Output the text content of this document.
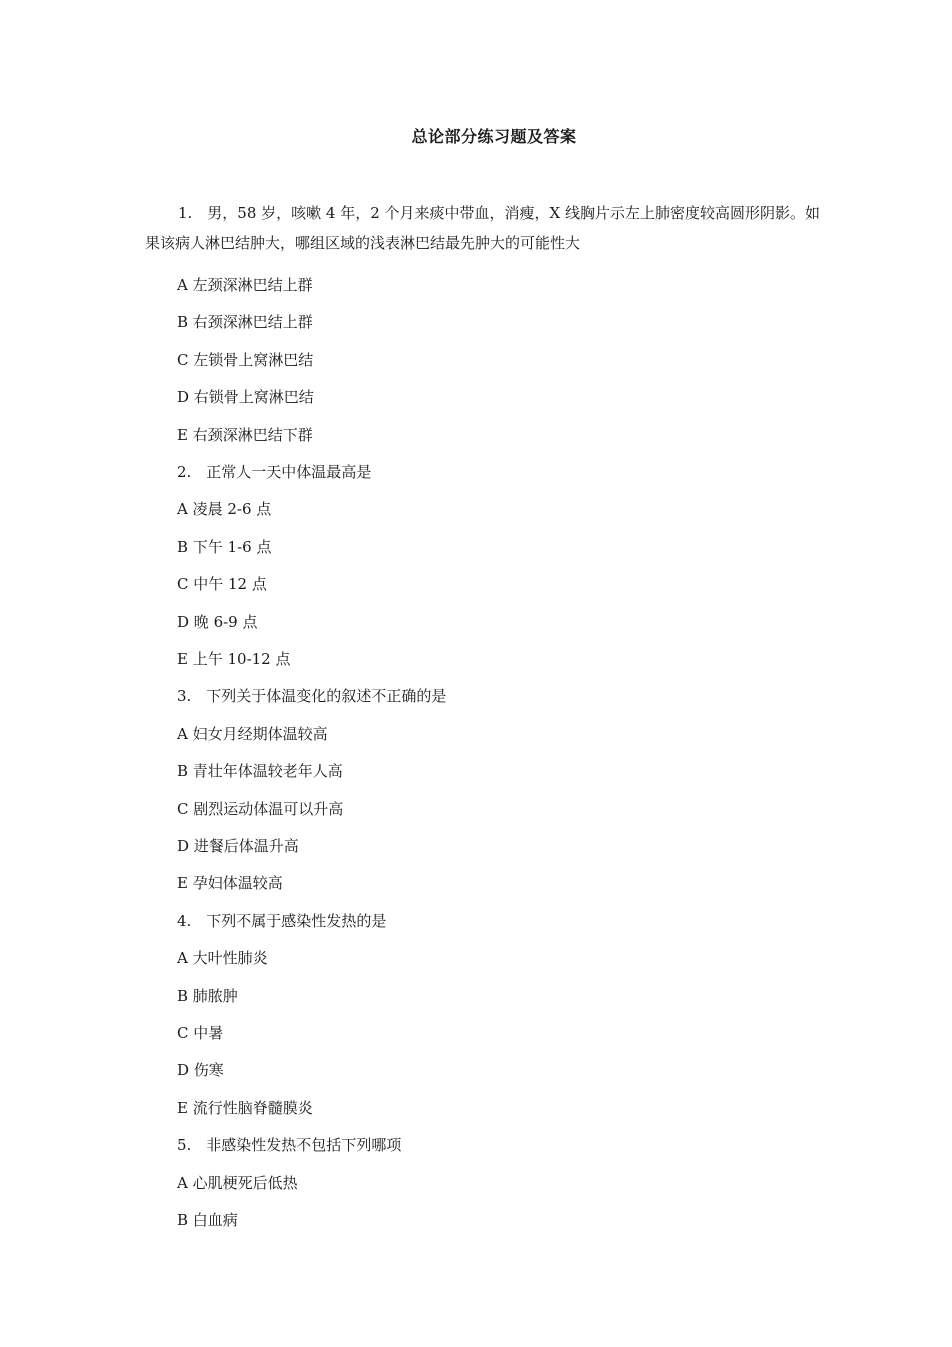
总论部分练习题及答案

1.　男，58 岁，咳嗽 4 年，2 个月来痰中带血，消瘦，X 线胸片示左上肺密度较高圆形阴影。如果该病人淋巴结肿大，哪组区域的浅表淋巴结最先肿大的可能性大

A 左颈深淋巴结上群

B 右颈深淋巴结上群

C 左锁骨上窝淋巴结

D 右锁骨上窝淋巴结

E 右颈深淋巴结下群

2.　正常人一天中体温最高是

A 凌晨 2-6 点

B 下午 1-6 点

C 中午 12 点

D 晚 6-9 点

E 上午 10-12 点

3.　下列关于体温变化的叙述不正确的是

A 妇女月经期体温较高

B 青壮年体温较老年人高

C 剧烈运动体温可以升高

D 进餐后体温升高

E 孕妇体温较高

4.　下列不属于感染性发热的是

A 大叶性肺炎

B 肺脓肿

C 中暑

D 伤寒

E 流行性脑脊髓膜炎

5.　非感染性发热不包括下列哪项

A 心肌梗死后低热

B 白血病
